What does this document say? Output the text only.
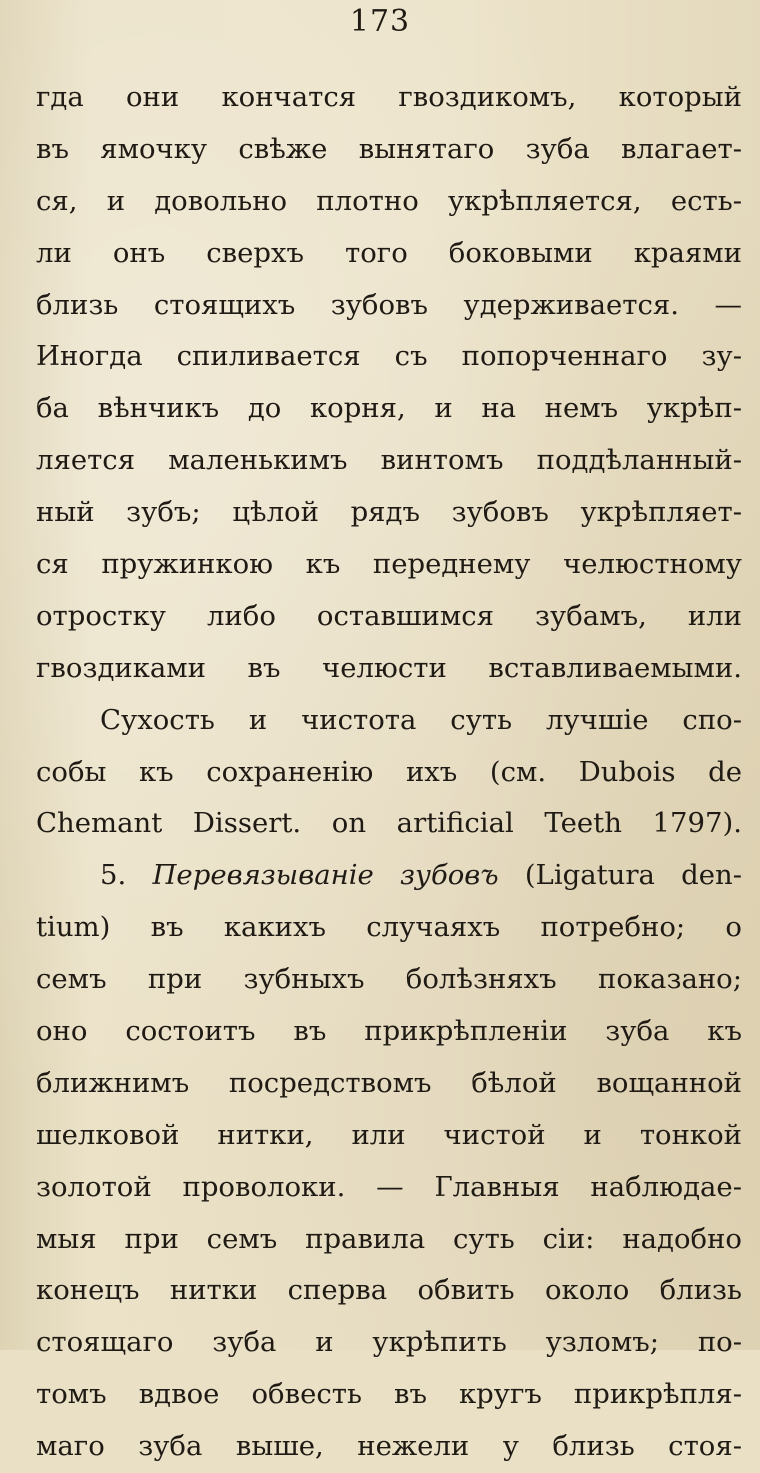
173
гда они кончатся гвоздикомъ, который
въ ямочку свѣже вынятаго зуба влагает-
ся, и довольно плотно укрѣпляется, есть-
ли онъ сверхъ того боковыми краями
близь стоящихъ зубовъ удерживается. —
Иногда спиливается съ попорченнаго зу-
ба вѣнчикъ до корня, и на немъ укрѣп-
ляется маленькимъ винтомъ поддѣланный-
ный зубъ; цѣлой рядъ зубовъ укрѣпляет-
ся пружинкою къ переднему челюстному
отростку либо оставшимся зубамъ, или
гвоздиками въ челюсти вставливаемыми.
Сухость и чистота суть лучшіе спо-
собы къ сохраненію ихъ (см. Dubois de
Chemant Dissert. on artificial Teeth 1797).
5. Перевязываніе зубовъ (Ligatura den-
tium) въ какихъ случаяхъ потребно; о
семъ при зубныхъ болѣзняхъ показано;
оно состоитъ въ прикрѣпленіи зуба къ
ближнимъ посредствомъ бѣлой вощанной
шелковой нитки, или чистой и тонкой
золотой проволоки. — Главныя наблюдае-
мыя при семъ правила суть сіи: надобно
конецъ нитки сперва обвить около близь
стоящаго зуба и укрѣпить узломъ; по-
томъ вдвое обвесть въ кругъ прикрѣпля-
маго зуба выше, нежели у близь стоя-
